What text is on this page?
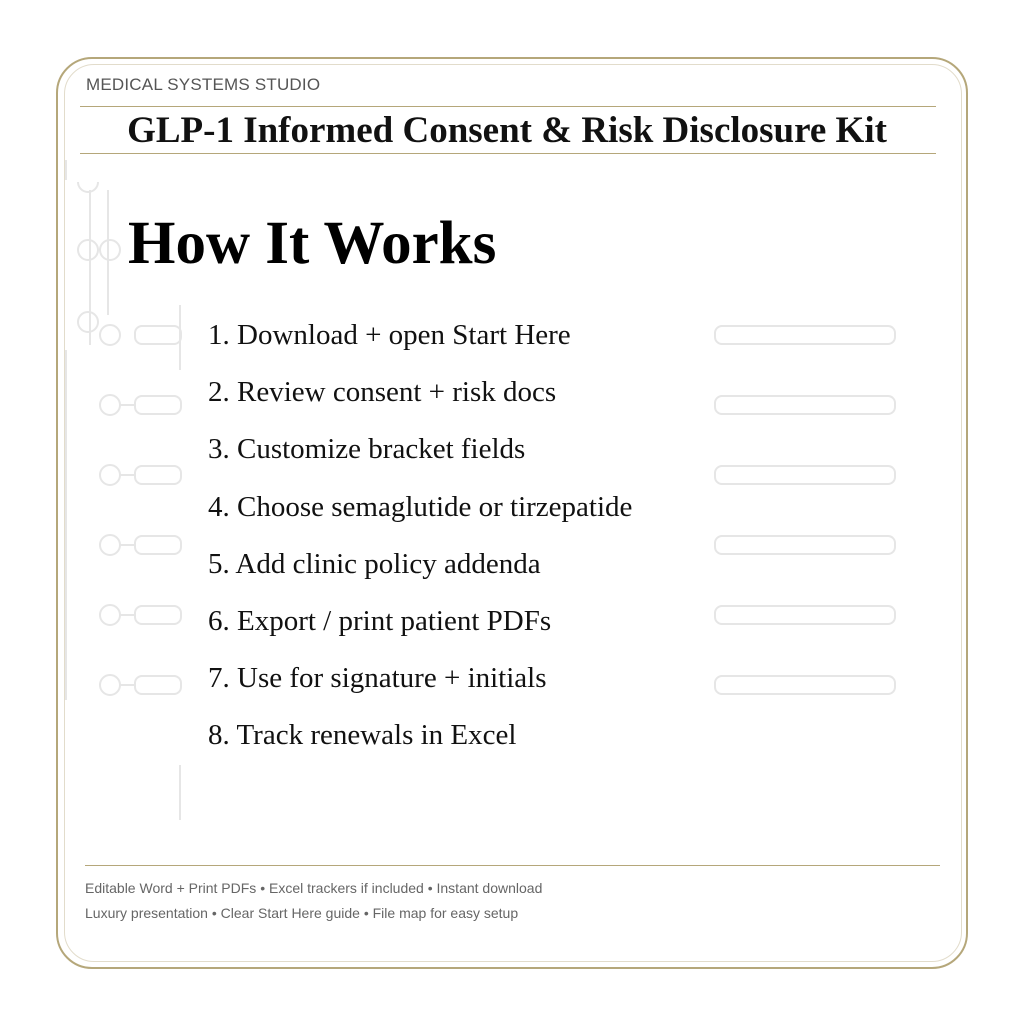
MEDICAL SYSTEMS STUDIO
GLP-1 Informed Consent & Risk Disclosure Kit
How It Works
1. Download + open Start Here
2. Review consent + risk docs
3. Customize bracket fields
4. Choose semaglutide or tirzepatide
5. Add clinic policy addenda
6. Export / print patient PDFs
7. Use for signature + initials
8. Track renewals in Excel
Editable Word + Print PDFs • Excel trackers if included • Instant download
Luxury presentation • Clear Start Here guide • File map for easy setup
